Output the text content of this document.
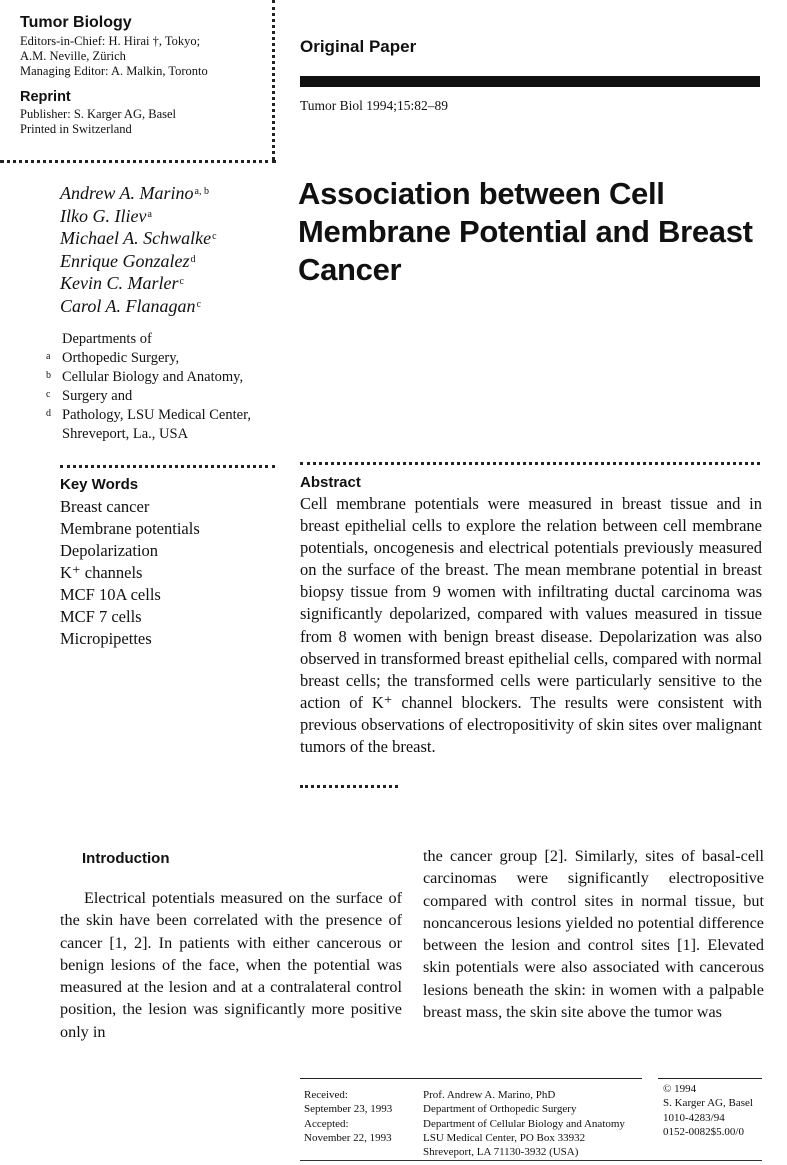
Tumor Biology
Editors-in-Chief: H. Hirai †, Tokyo;
A.M. Neville, Zürich
Managing Editor: A. Malkin, Toronto
Reprint
Publisher: S. Karger AG, Basel
Printed in Switzerland
Original Paper
Tumor Biol 1994;15:82–89
Association between Cell Membrane Potential and Breast Cancer
Andrew A. Marino$^{a, b}$
Ilko G. Iliev$^a$
Michael A. Schwalke$^c$
Enrique Gonzalez$^d$
Kevin C. Marler$^c$
Carol A. Flanagan$^c$
Departments of
a Orthopedic Surgery,
b Cellular Biology and Anatomy,
c Surgery and
d Pathology, LSU Medical Center,
Shreveport, La., USA
Key Words
Breast cancer
Membrane potentials
Depolarization
K⁺ channels
MCF 10A cells
MCF 7 cells
Micropipettes
Abstract
Cell membrane potentials were measured in breast tissue and in breast epithelial cells to explore the relation between cell membrane potentials, oncogenesis and electrical potentials previously measured on the surface of the breast. The mean membrane potential in breast biopsy tissue from 9 women with infiltrating ductal carcinoma was significantly depolarized, compared with values measured in tissue from 8 women with benign breast disease. Depolarization was also observed in transformed breast epithelial cells, compared with normal breast cells; the transformed cells were particularly sensitive to the action of K⁺ channel blockers. The results were consistent with previous observations of electropositivity of skin sites over malignant tumors of the breast.
Introduction
Electrical potentials measured on the surface of the skin have been correlated with the presence of cancer [1, 2]. In patients with either cancerous or benign lesions of the face, when the potential was measured at the lesion and at a contralateral control position, the lesion was significantly more positive only in
the cancer group [2]. Similarly, sites of basal-cell carcinomas were significantly electropositive compared with control sites in normal tissue, but noncancerous lesions yielded no potential difference between the lesion and control sites [1]. Elevated skin potentials were also associated with cancerous lesions beneath the skin: in women with a palpable breast mass, the skin site above the tumor was
Received:
September 23, 1993
Accepted:
November 22, 1993
Prof. Andrew A. Marino, PhD
Department of Orthopedic Surgery
Department of Cellular Biology and Anatomy
LSU Medical Center, PO Box 33932
Shreveport, LA 71130-3932 (USA)
© 1994
S. Karger AG, Basel
1010-4283/94
0152-0082$5.00/0
